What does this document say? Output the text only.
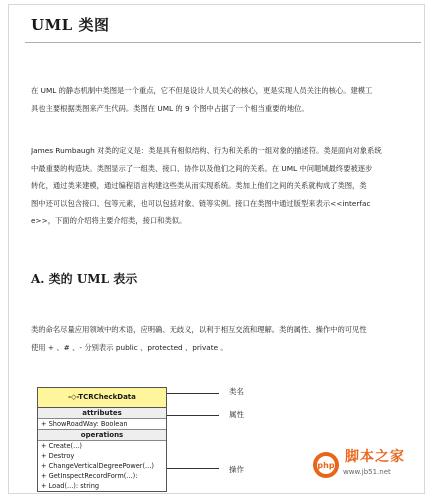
UML 类图
在 UML 的静态机制中类图是一个重点，它不但是设计人员关心的核心，更是实现人员关注的核心。建模工
具也主要根据类图来产生代码。类图在 UML 的 9 个图中占据了一个相当重要的地位。
James Rumbaugh 对类的定义是：类是具有相似结构、行为和关系的一组对象的描述符。类是面向对象系统
中最重要的构造块。类图显示了一组类、接口、协作以及他们之间的关系。在 UML 中问题域最终要被逐步
转化，通过类来建模，通过编程语言构建这些类从而实现系统。类加上他们之间的关系就构成了类图，类
图中还可以包含接口、包等元素，也可以包括对象、链等实例。接口在类图中通过版型来表示<<interfac
e>>，下面的介绍将主要介绍类，接口和类似。
A. 类的 UML 表示
类的命名尽量应用领域中的术语，应明确、无歧义，以利于相互交流和理解。类的属性、操作中的可见性
使用 + 、# 、- 分别表示 public 、protected 、private 。
-◇-TCRCheckData
attributes
+ ShowRoadWay: Boolean
operations
+ Create(...)
+ Destroy
+ ChangeVerticalDegreePower(...)
+ GetInspectRecordForm(...):
+ Load(...): string
类名
属性
操作	php
脚本之家
www.jb51.net
